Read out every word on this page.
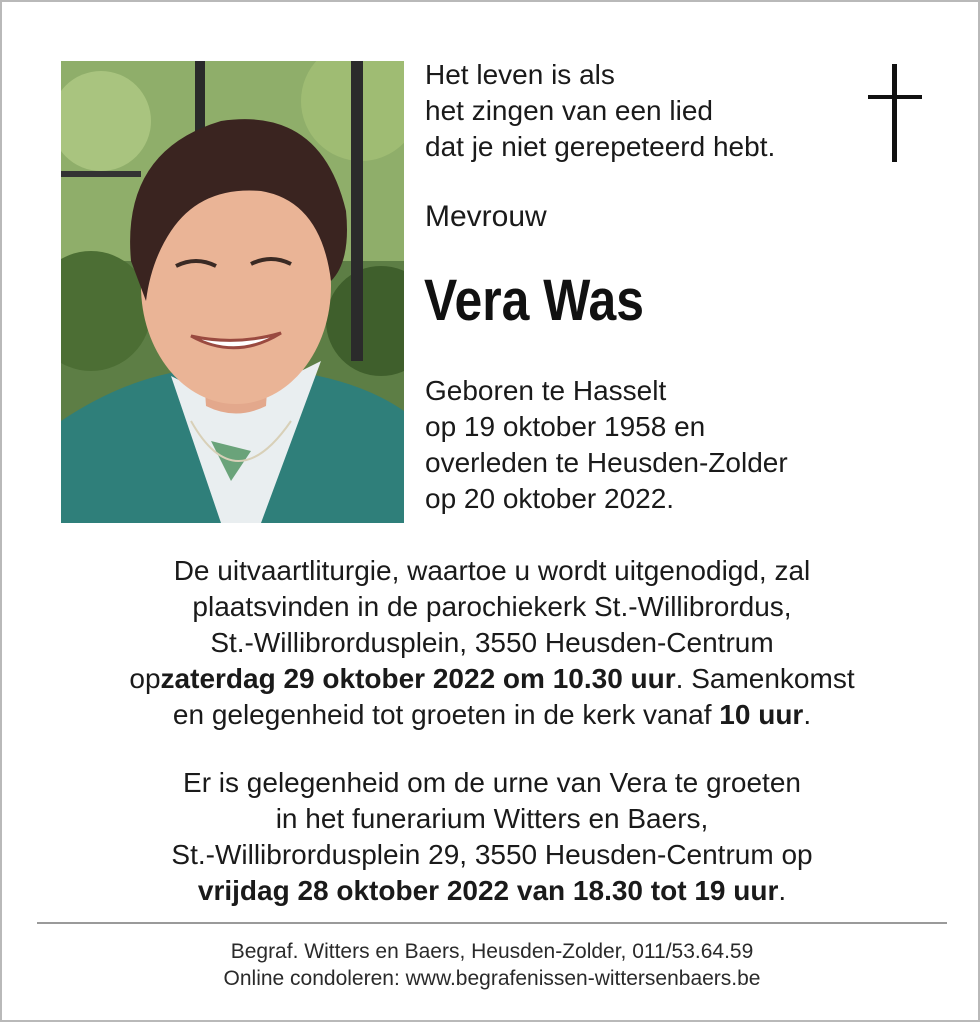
Het leven is als
het zingen van een lied
dat je niet gerepeteerd hebt.
Mevrouw
Vera Was
Geboren te Hasselt
op 19 oktober 1958 en
overleden te Heusden-Zolder
op 20 oktober 2022.
De uitvaartliturgie, waartoe u wordt uitgenodigd, zal
plaatsvinden in de parochiekerk St.-Willibrordus,
St.-Willibrordusplein, 3550 Heusden-Centrum
opzaterdag 29 oktober 2022 om 10.30 uur. Samenkomst
en gelegenheid tot groeten in de kerk vanaf 10 uur.
Er is gelegenheid om de urne van Vera te groeten
in het funerarium Witters en Baers,
St.-Willibrordusplein 29, 3550 Heusden-Centrum op
vrijdag 28 oktober 2022 van 18.30 tot 19 uur.
Begraf. Witters en Baers, Heusden-Zolder, 011/53.64.59
Online condoleren: www.begrafenissen-wittersenbaers.be
